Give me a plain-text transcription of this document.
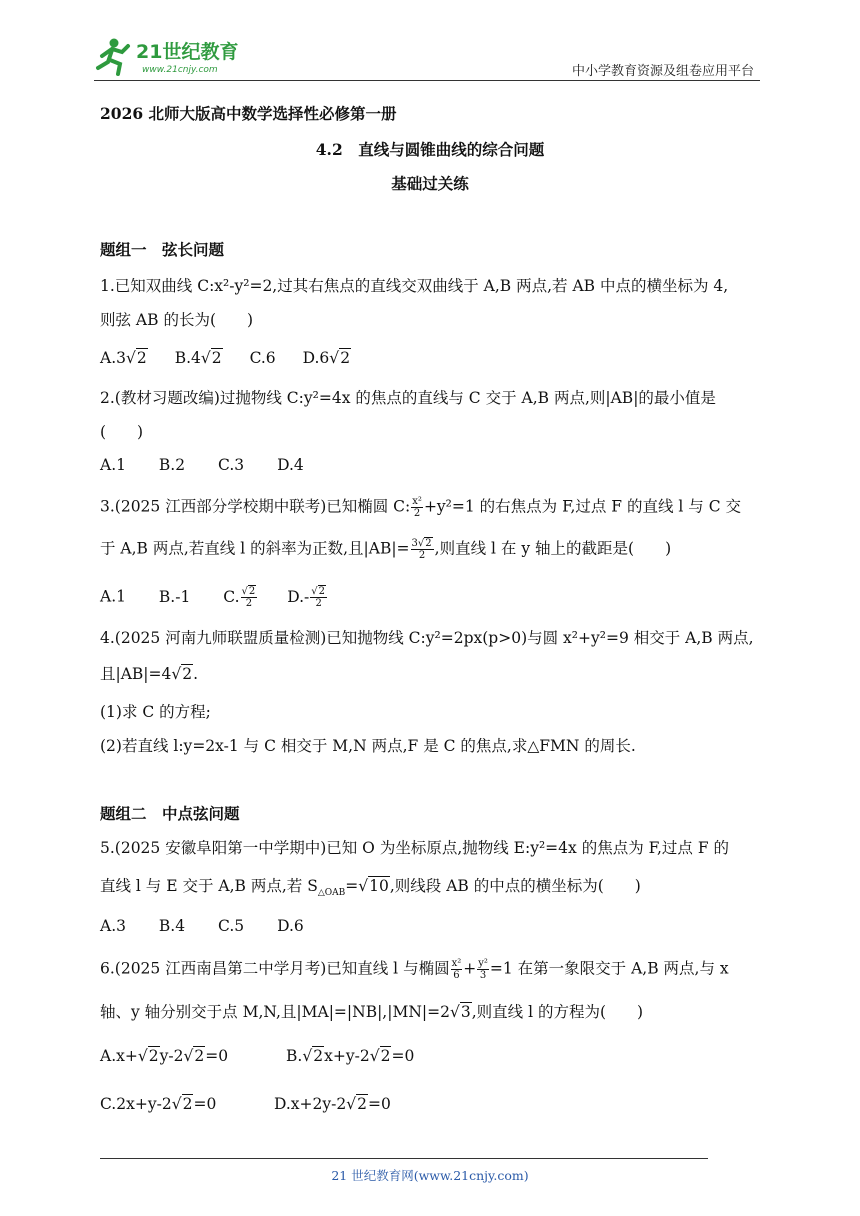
21世纪教育
www.21cnjy.com	中小学教育资源及组卷应用平台
2026 北师大版高中数学选择性必修第一册
4.2　直线与圆锥曲线的综合问题
基础过关练
题组一　弦长问题
1.已知双曲线 C:x²-y²=2,过其右焦点的直线交双曲线于 A,B 两点,若 AB 中点的横坐标为 4,
则弦 AB 的长为(　　)
A.3√2 B.4√2 C.6 D.6√2
2.(教材习题改编)过抛物线 C:y²=4x 的焦点的直线与 C 交于 A,B 两点,则|AB|的最小值是
(　　)
A.1 B.2 C.3 D.4
3.(2025 江西部分学校期中联考)已知椭圆 C: $\frac{\text{x²}}{2} +y^2=1$ 的右焦点为 F,过点 F 的直线 l 与 C 交
于 A,B 两点,若直线 l 的斜率为正数,且$|AB|= \frac{3√2}{2}$ ,则直线 l 在 y 轴上的截距是(　　)
A.1 B.-1 C. $\frac{√2}{2} D.- \frac{√2}{2}$
4.(2025 河南九师联盟质量检测)已知抛物线 C:y²=2px(p>0)与圆 x²+y²=9 相交于 A,B 两点,
且|AB|=4√2.
(1)求 C 的方程;
(2)若直线 l:y=2x-1 与 C 相交于 M,N 两点,F 是 C 的焦点,求△FMN 的周长.
题组二　中点弦问题
5.(2025 安徽阜阳第一中学期中)已知 O 为坐标原点,抛物线 E:y²=4x 的焦点为 F,过点 F 的
直线 l 与 E 交于 A,B 两点,若 $S_{\triangle OAB}=√10$,则线段 AB 的中点的横坐标为(　　)
A.3 B.4 C.5 D.6
6.(2025 江西南昌第二中学月考)已知直线 l 与椭圆 $\frac{\text{x²}}{6} + \frac{\text{y²}}{3} =1$ 在第一象限交于 A,B 两点,与 x
轴、y 轴分别交于点 M,N,且|MA|=|NB|,|MN|=2√3,则直线 l 的方程为(　　)
A.x+√2y-2√2=0	B.√2x+y-2√2=0
C.2x+y-2√2=0	D.x+2y-2√2=0
21 世纪教育网(www.21cnjy.com)
